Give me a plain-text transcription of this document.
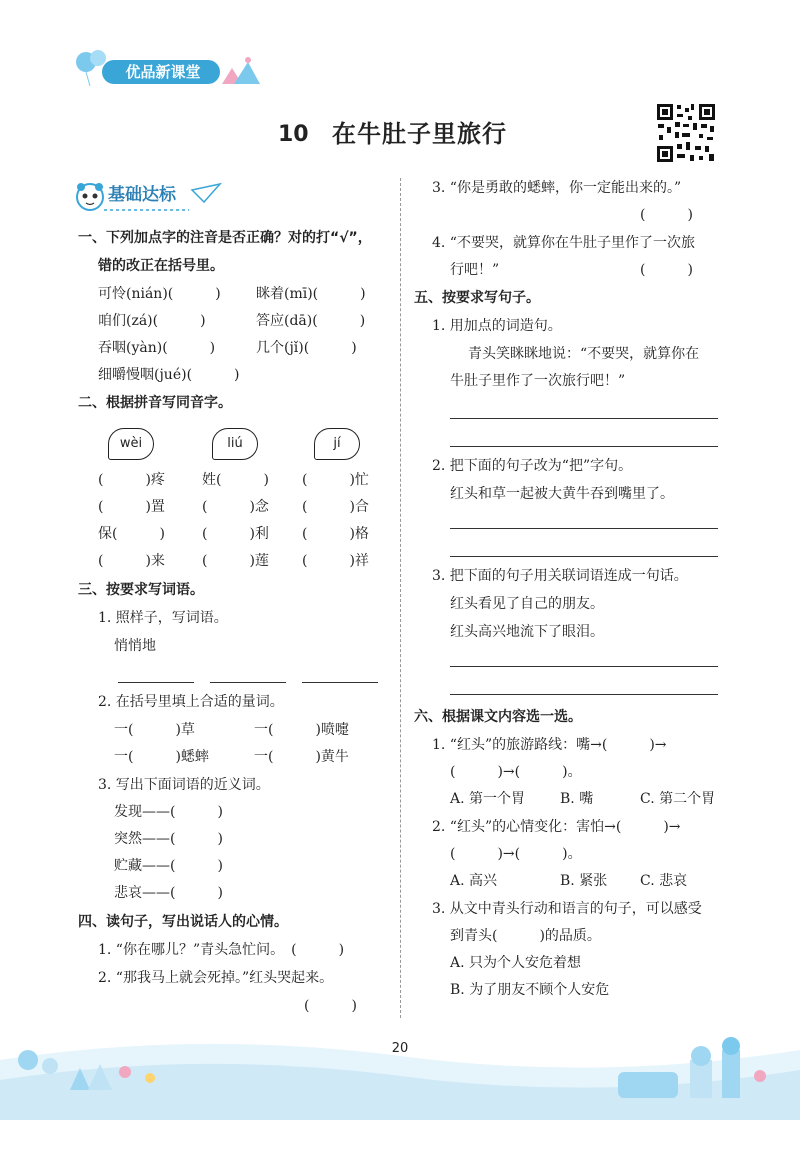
优品新课堂
10 在牛肚子里旅行
基础达标
一、下列加点字的注音是否正确？对的打“√”，
错的改正在括号里。
可怜(nián)(　　　)	眯着(mī)(　　　)
咱们(zá)(　　　)	答应(dā)(　　　)
吞咽(yàn)(　　　)	几个(jǐ)(　　　)
细嚼慢咽(jué)(　　　)
二、根据拼音写同音字。
wèi	liú	jí
(　　　)疼	姓(　　　) (　　　)忙
(　　　)置	(　　　)念 (　　　)合
保(　　　)	(　　　)利 (　　　)格
(　　　)来	(　　　)莲 (　　　)祥
三、按要求写词语。
1. 照样子，写词语。
悄悄地
2. 在括号里填上合适的量词。
一(　　　)草	一(　　　)喷嚏
一(　　　)蟋蟀	一(　　　)黄牛
3. 写出下面词语的近义词。
发现——(　　　)
突然——(　　　)
贮藏——(　　　)
悲哀——(　　　)
四、读句子，写出说话人的心情。
1. “你在哪儿？”青头急忙问。　(　　　)
2. “那我马上就会死掉。”红头哭起来。
(　　　)
3. “你是勇敢的蟋蟀，你一定能出来的。”
(　　　)
4. “不要哭，就算你在牛肚子里作了一次旅
行吧！”	(　　　)
五、按要求写句子。
1. 用加点的词造句。
青头笑眯眯地说：“不要哭，就算你在
牛肚子里作了一次旅行吧！”
2. 把下面的句子改为“把”字句。
红头和草一起被大黄牛吞到嘴里了。
3. 把下面的句子用关联词语连成一句话。
红头看见了自己的朋友。
红头高兴地流下了眼泪。
六、根据课文内容选一选。
1. “红头”的旅游路线：嘴→(　　　)→
(　　　)→(　　　)。
A. 第一个胃 B. 嘴	C. 第二个胃
2. “红头”的心情变化：害怕→(　　　)→
(　　　)→(　　　)。
A. 高兴	B. 紧张 C. 悲哀
3. 从文中青头行动和语言的句子，可以感受
到青头(　　　)的品质。
A. 只为个人安危着想
B. 为了朋友不顾个人安危
20
